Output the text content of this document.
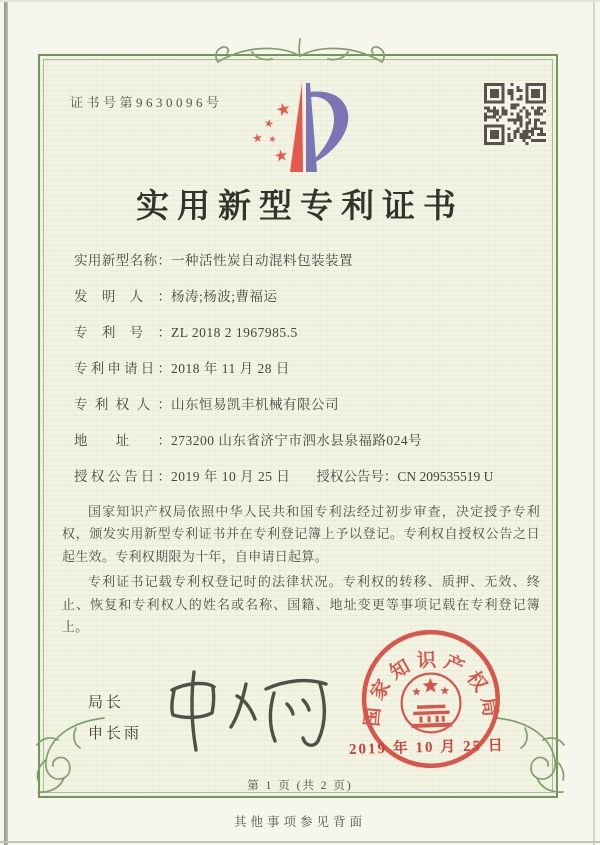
证书号第9630096号	★
★
★ ★
★
实用新型专利证书
实用新型名称： 一种活性炭自动混料包装装置
发明人： 杨涛;杨波;曹福运
专利号： ZL 2018 2 1967985.5
专利申请日： 2018 年 11 月 28 日
专利权人： 山东恒易凯丰机械有限公司
地址： 273200 山东省济宁市泗水县泉福路024号
授权公告日： 2019 年 10 月 25 日 授权公告号： CN 209535519 U

国家知识产权局依照中华人民共和国专利法经过初步审查，决定授予专利权，颁发实用新型专利证书并在专利登记簿上予以登记。专利权自授权公告之日起生效。专利权期限为十年，自申请日起算。

专利证书记载专利权登记时的法律状况。专利权的转移、质押、无效、终止、恢复和专利权人的姓名或名称、国籍、地址变更等事项记载在专利登记簿上。

局长
申长雨
国家知识产权局
2019 年 10 月 25 日
第 1 页 (共 2 页)
其他事项参见背面
